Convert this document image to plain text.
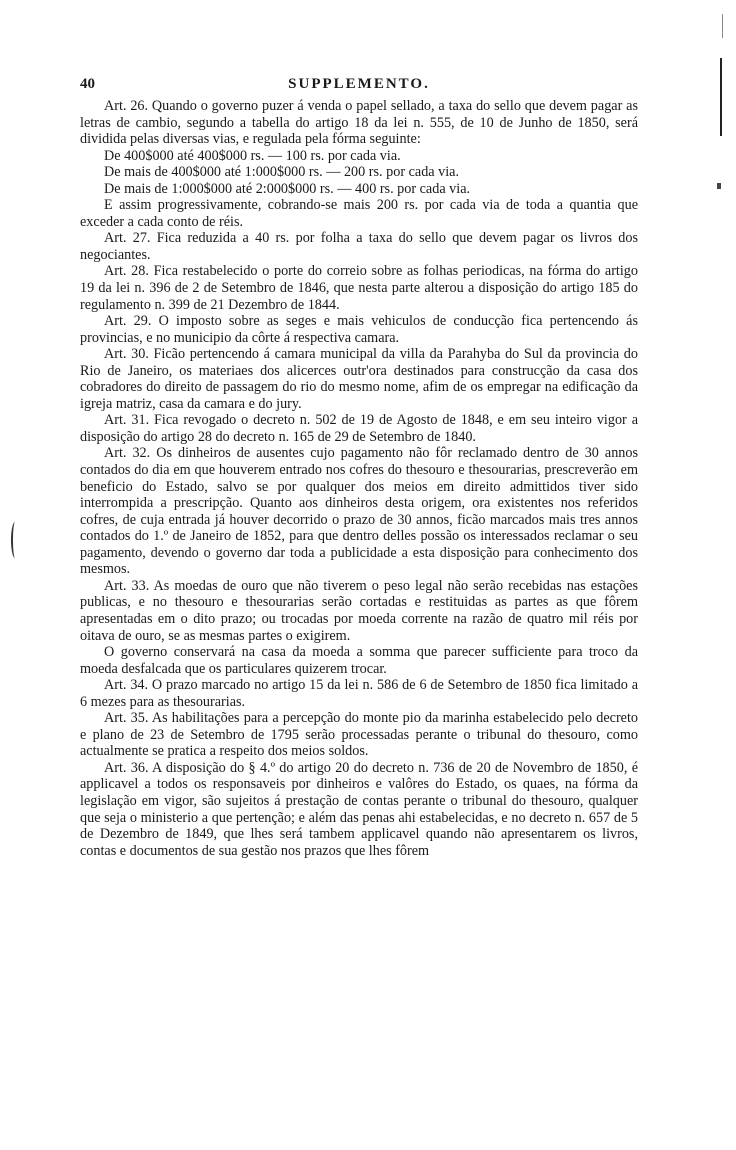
40	SUPPLEMENTO.

Art. 26. Quando o governo puzer á venda o papel sellado, a taxa do sello que devem pagar as letras de cambio, segundo a tabella do artigo 18 da lei n. 555, de 10 de Junho de 1850, será dividida pelas diversas vias, e regulada pela fórma seguinte:

De 400$000 até 400$000 rs. — 100 rs. por cada via.

De mais de 400$000 até 1:000$000 rs. — 200 rs. por cada via.

De mais de 1:000$000 até 2:000$000 rs. — 400 rs. por cada via.

E assim progressivamente, cobrando-se mais 200 rs. por cada via de toda a quantia que exceder a cada conto de réis.

Art. 27. Fica reduzida a 40 rs. por folha a taxa do sello que devem pagar os livros dos negociantes.

Art. 28. Fica restabelecido o porte do correio sobre as folhas periodicas, na fórma do artigo 19 da lei n. 396 de 2 de Setembro de 1846, que nesta parte alterou a disposição do artigo 185 do regulamento n. 399 de 21 Dezembro de 1844.

Art. 29. O imposto sobre as seges e mais vehiculos de conducção fica pertencendo ás provincias, e no municipio da côrte á respectiva camara.

Art. 30. Ficão pertencendo á camara municipal da villa da Parahyba do Sul da provincia do Rio de Janeiro, os materiaes dos alicerces outr'ora destinados para construcção da casa dos cobradores do direito de passagem do rio do mesmo nome, afim de os empregar na edificação da igreja matriz, casa da camara e do jury.

Art. 31. Fica revogado o decreto n. 502 de 19 de Agosto de 1848, e em seu inteiro vigor a disposição do artigo 28 do decreto n. 165 de 29 de Setembro de 1840.

Art. 32. Os dinheiros de ausentes cujo pagamento não fôr reclamado dentro de 30 annos contados do dia em que houverem entrado nos cofres do thesouro e thesourarias, prescreverão em beneficio do Estado, salvo se por qualquer dos meios em direito admittidos tiver sido interrompida a prescripção. Quanto aos dinheiros desta origem, ora existentes nos referidos cofres, de cuja entrada já houver decorrido o prazo de 30 annos, ficão marcados mais tres annos contados do 1.º de Janeiro de 1852, para que dentro delles possão os interessados reclamar o seu pagamento, devendo o governo dar toda a publicidade a esta disposição para conhecimento dos mesmos.

Art. 33. As moedas de ouro que não tiverem o peso legal não serão recebidas nas estações publicas, e no thesouro e thesourarias serão cortadas e restituidas as partes as que fôrem apresentadas em o dito prazo; ou trocadas por moeda corrente na razão de quatro mil réis por oitava de ouro, se as mesmas partes o exigirem.

O governo conservará na casa da moeda a somma que parecer sufficiente para troco da moeda desfalcada que os particulares quizerem trocar.

Art. 34. O prazo marcado no artigo 15 da lei n. 586 de 6 de Setembro de 1850 fica limitado a 6 mezes para as thesourarias.

Art. 35. As habilitações para a percepção do monte pio da marinha estabelecido pelo decreto e plano de 23 de Setembro de 1795 serão processadas perante o tribunal do thesouro, como actualmente se pratica a respeito dos meios soldos.

Art. 36. A disposição do § 4.º do artigo 20 do decreto n. 736 de 20 de Novembro de 1850, é applicavel a todos os responsaveis por dinheiros e valôres do Estado, os quaes, na fórma da legislação em vigor, são sujeitos á prestação de contas perante o tribunal do thesouro, qualquer que seja o ministerio a que pertenção; e além das penas ahi estabelecidas, e no decreto n. 657 de 5 de Dezembro de 1849, que lhes será tambem applicavel quando não apresentarem os livros, contas e documentos de sua gestão nos prazos que lhes fôrem
